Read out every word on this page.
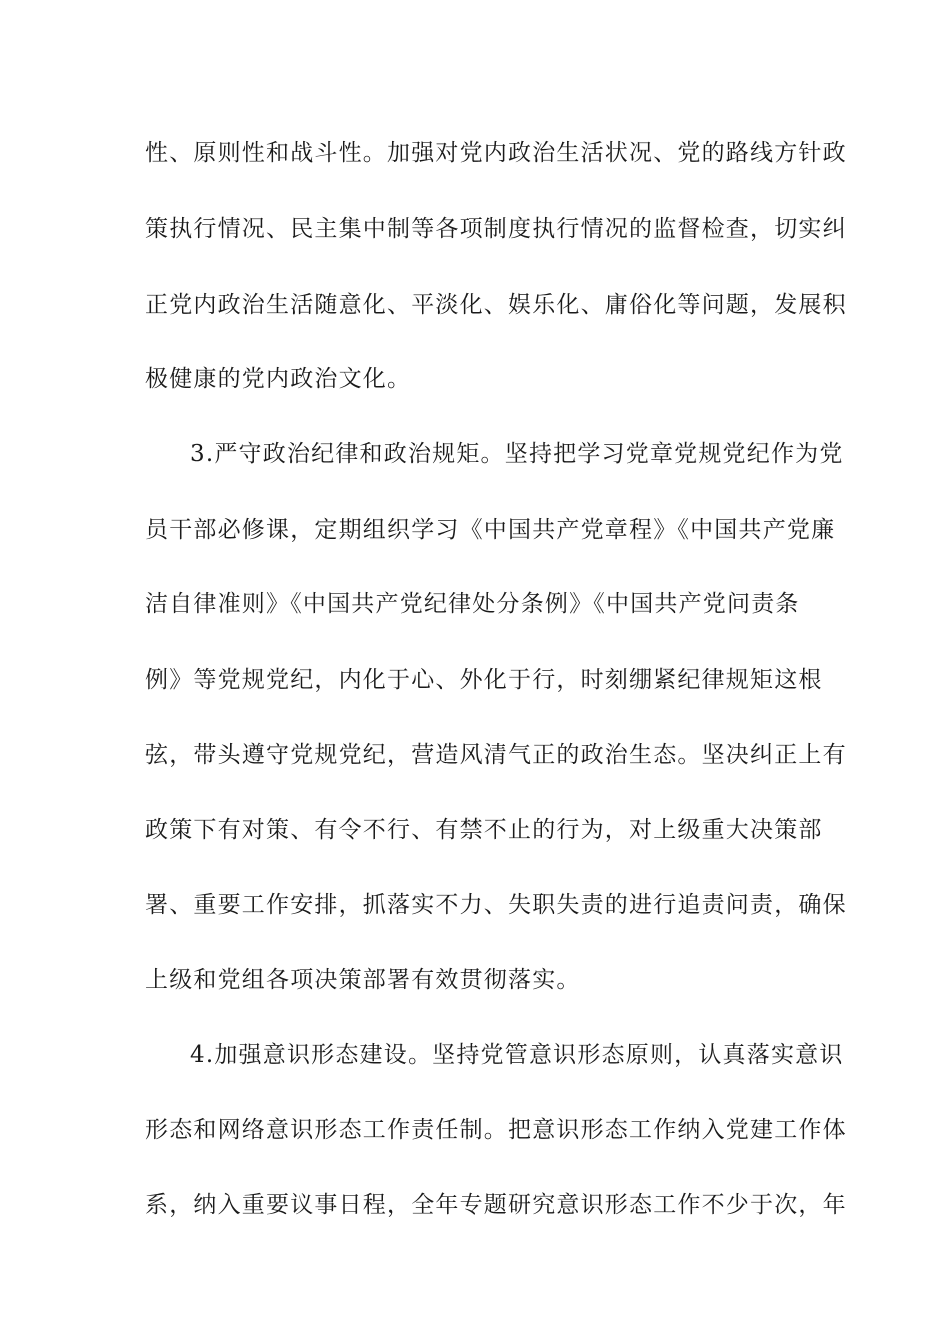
性、原则性和战斗性。加强对党内政治生活状况、党的路线方针政
策执行情况、民主集中制等各项制度执行情况的监督检查，切实纠
正党内政治生活随意化、平淡化、娱乐化、庸俗化等问题，发展积
极健康的党内政治文化。
3.严守政治纪律和政治规矩。坚持把学习党章党规党纪作为党
员干部必修课，定期组织学习《中国共产党章程》《中国共产党廉
洁自律准则》《中国共产党纪律处分条例》《中国共产党问责条
例》等党规党纪，内化于心、外化于行，时刻绷紧纪律规矩这根
弦，带头遵守党规党纪，营造风清气正的政治生态。坚决纠正上有
政策下有对策、有令不行、有禁不止的行为，对上级重大决策部
署、重要工作安排，抓落实不力、失职失责的进行追责问责，确保
上级和党组各项决策部署有效贯彻落实。
4.加强意识形态建设。坚持党管意识形态原则，认真落实意识
形态和网络意识形态工作责任制。把意识形态工作纳入党建工作体
系，纳入重要议事日程，全年专题研究意识形态工作不少于次，年
